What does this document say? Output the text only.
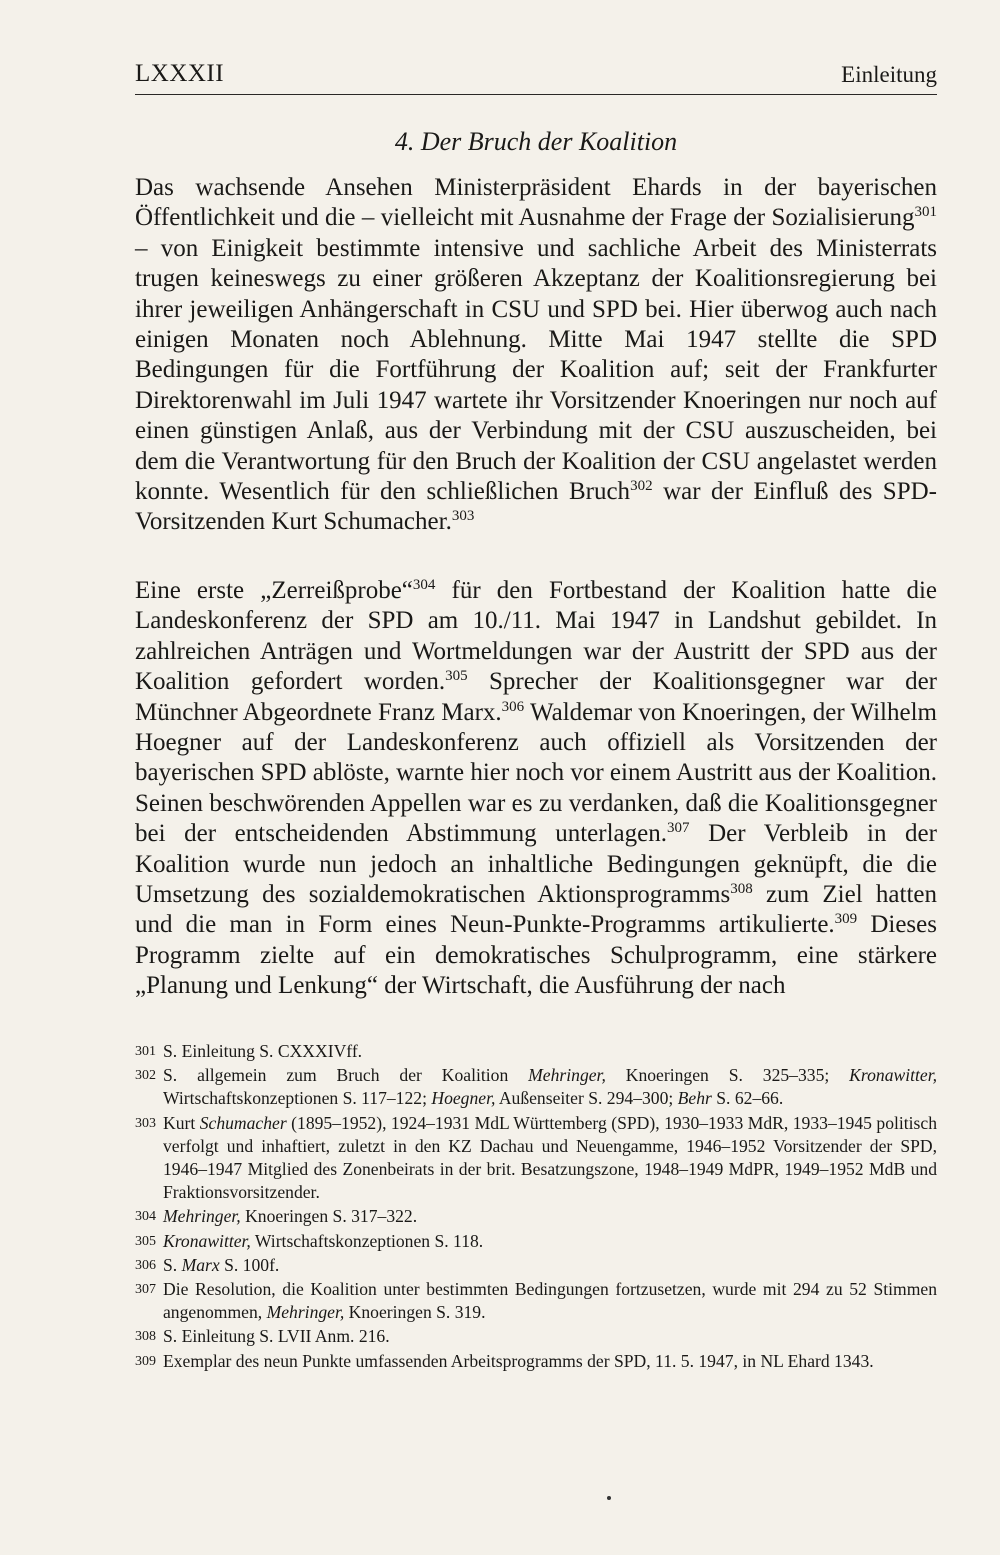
LXXXII	Einleitung
4. Der Bruch der Koalition

Das wachsende Ansehen Ministerpräsident Ehards in der bayerischen Öffentlichkeit und die – vielleicht mit Ausnahme der Frage der Sozialisierung$^{301}$ – von Einigkeit bestimmte intensive und sachliche Arbeit des Ministerrats trugen keineswegs zu einer größeren Akzeptanz der Koalitionsregierung bei ihrer jeweiligen Anhängerschaft in CSU und SPD bei. Hier überwog auch nach einigen Monaten noch Ablehnung. Mitte Mai 1947 stellte die SPD Bedingungen für die Fortführung der Koalition auf; seit der Frankfurter Direktorenwahl im Juli 1947 wartete ihr Vorsitzender Knoeringen nur noch auf einen günstigen Anlaß, aus der Verbindung mit der CSU auszuscheiden, bei dem die Verantwortung für den Bruch der Koalition der CSU angelastet werden konnte. Wesentlich für den schließlichen Bruch$^{302}$ war der Einfluß des SPD-Vorsitzenden Kurt Schumacher.$^{303}$

Eine erste „Zerreißprobe“$^{304}$ für den Fortbestand der Koalition hatte die Landeskonferenz der SPD am 10./11. Mai 1947 in Landshut gebildet. In zahlreichen Anträgen und Wortmeldungen war der Austritt der SPD aus der Koalition gefordert worden.$^{305}$ Sprecher der Koalitionsgegner war der Münchner Abgeordnete Franz Marx.$^{306}$ Waldemar von Knoeringen, der Wilhelm Hoegner auf der Landeskonferenz auch offiziell als Vorsitzenden der bayerischen SPD ablöste, warnte hier noch vor einem Austritt aus der Koalition. Seinen beschwörenden Appellen war es zu verdanken, daß die Koalitionsgegner bei der entscheidenden Abstimmung unterlagen.$^{307}$ Der Verbleib in der Koalition wurde nun jedoch an inhaltliche Bedingungen geknüpft, die die Umsetzung des sozialdemokratischen Aktionsprogramms$^{308}$ zum Ziel hatten und die man in Form eines Neun-Punkte-Programms artikulierte.$^{309}$ Dieses Programm zielte auf ein demokratisches Schulprogramm, eine stärkere „Planung und Lenkung“ der Wirtschaft, die Ausführung der nach

301 S. Einleitung S. CXXXIVff.
302 S. allgemein zum Bruch der Koalition Mehringer, Knoeringen S. 325–335; Kronawitter, Wirtschaftskonzeptionen S. 117–122; Hoegner, Außenseiter S. 294–300; Behr S. 62–66.
303 Kurt Schumacher (1895–1952), 1924–1931 MdL Württemberg (SPD), 1930–1933 MdR, 1933–1945 politisch verfolgt und inhaftiert, zuletzt in den KZ Dachau und Neuengamme, 1946–1952 Vorsitzender der SPD, 1946–1947 Mitglied des Zonenbeirats in der brit. Besatzungszone, 1948–1949 MdPR, 1949–1952 MdB und Fraktionsvorsitzender.
304 Mehringer, Knoeringen S. 317–322.
305 Kronawitter, Wirtschaftskonzeptionen S. 118.
306 S. Marx S. 100f.
307 Die Resolution, die Koalition unter bestimmten Bedingungen fortzusetzen, wurde mit 294 zu 52 Stimmen angenommen, Mehringer, Knoeringen S. 319.
308 S. Einleitung S. LVII Anm. 216.
309 Exemplar des neun Punkte umfassenden Arbeitsprogramms der SPD, 11. 5. 1947, in NL Ehard 1343.
